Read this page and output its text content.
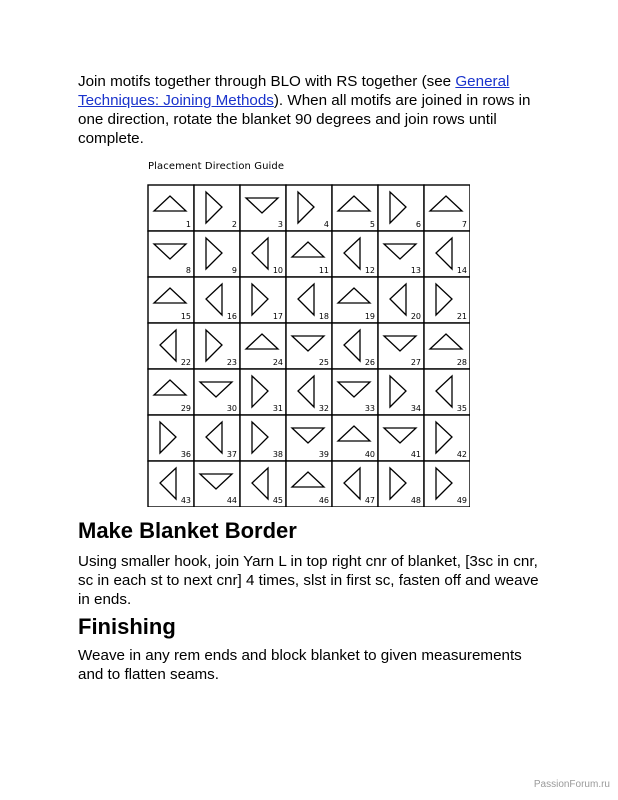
Join motifs together through BLO with RS together (see General Techniques: Joining Methods). When all motifs are joined in rows in one direction, rotate the blanket 90 degrees and join rows until complete.

Placement Direction Guide
1	2	3	4	5	6	7
8	9	10	11	12	13	14
15	16	17	18	19	20	21
22	23	24	25	26	27	28
29	30	31	32	33	34	35
36	37	38	39	40	41	42
43	44	45	46	47	48	49
Make Blanket Border

Using smaller hook, join Yarn L in top right cnr of blanket, [3sc in cnr, sc in each st to next cnr] 4 times, slst in first sc, fasten off and weave in ends.

Finishing

Weave in any rem ends and block blanket to given measurements and to flatten seams.

PassionForum.ru
